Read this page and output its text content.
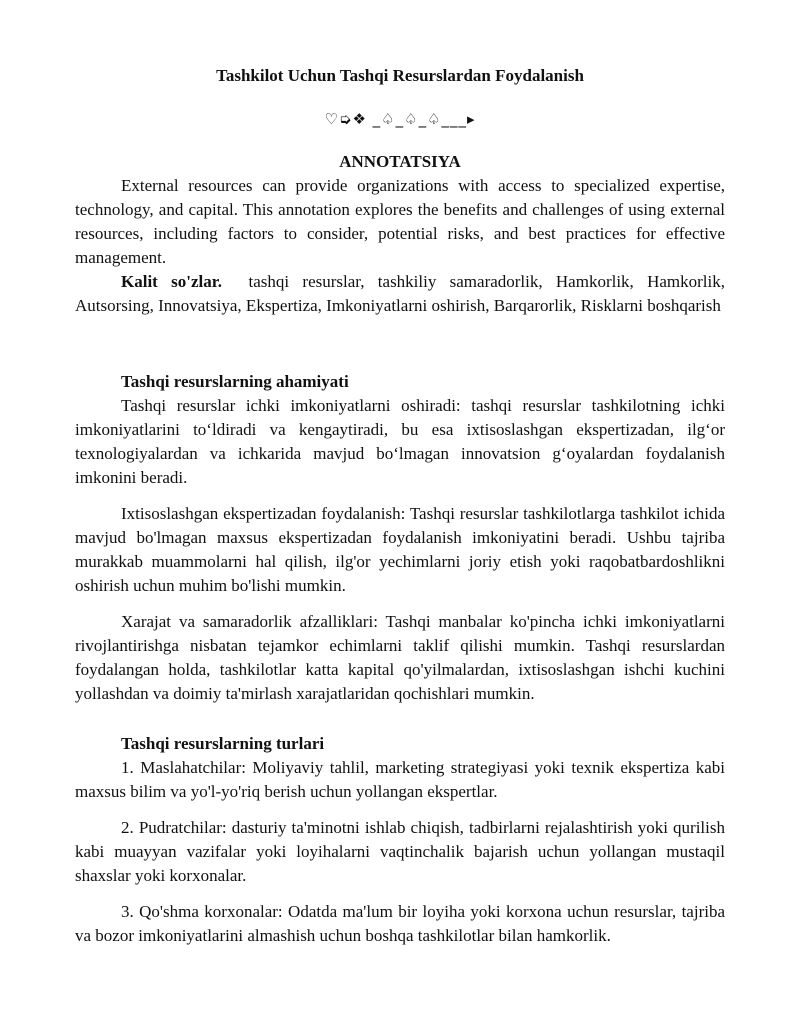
Tashkilot Uchun Tashqi Resurslardan Foydalanish
♡➭❖ _♤_♤_♤___▸
ANNOTATSIYA

External resources can provide organizations with access to specialized expertise, technology, and capital. This annotation explores the benefits and challenges of using external resources, including factors to consider, potential risks, and best practices for effective management.

Kalit so'zlar. tashqi resurslar, tashkiliy samaradorlik, Hamkorlik, Hamkorlik, Autsorsing, Innovatsiya, Ekspertiza, Imkoniyatlarni oshirish, Barqarorlik, Risklarni boshqarish

Tashqi resurslarning ahamiyati

Tashqi resurslar ichki imkoniyatlarni oshiradi: tashqi resurslar tashkilotning ichki imkoniyatlarini to‘ldiradi va kengaytiradi, bu esa ixtisoslashgan ekspertizadan, ilg‘or texnologiyalardan va ichkarida mavjud bo‘lmagan innovatsion g‘oyalardan foydalanish imkonini beradi.

Ixtisoslashgan ekspertizadan foydalanish: Tashqi resurslar tashkilotlarga tashkilot ichida mavjud bo'lmagan maxsus ekspertizadan foydalanish imkoniyatini beradi. Ushbu tajriba murakkab muammolarni hal qilish, ilg'or yechimlarni joriy etish yoki raqobatbardoshlikni oshirish uchun muhim bo'lishi mumkin.

Xarajat va samaradorlik afzalliklari: Tashqi manbalar ko'pincha ichki imkoniyatlarni rivojlantirishga nisbatan tejamkor echimlarni taklif qilishi mumkin. Tashqi resurslardan foydalangan holda, tashkilotlar katta kapital qo'yilmalardan, ixtisoslashgan ishchi kuchini yollashdan va doimiy ta'mirlash xarajatlaridan qochishlari mumkin.

Tashqi resurslarning turlari

1. Maslahatchilar: Moliyaviy tahlil, marketing strategiyasi yoki texnik ekspertiza kabi maxsus bilim va yo'l-yo'riq berish uchun yollangan ekspertlar.

2. Pudratchilar: dasturiy ta'minotni ishlab chiqish, tadbirlarni rejalashtirish yoki qurilish kabi muayyan vazifalar yoki loyihalarni vaqtinchalik bajarish uchun yollangan mustaqil shaxslar yoki korxonalar.

3. Qo'shma korxonalar: Odatda ma'lum bir loyiha yoki korxona uchun resurslar, tajriba va bozor imkoniyatlarini almashish uchun boshqa tashkilotlar bilan hamkorlik.
